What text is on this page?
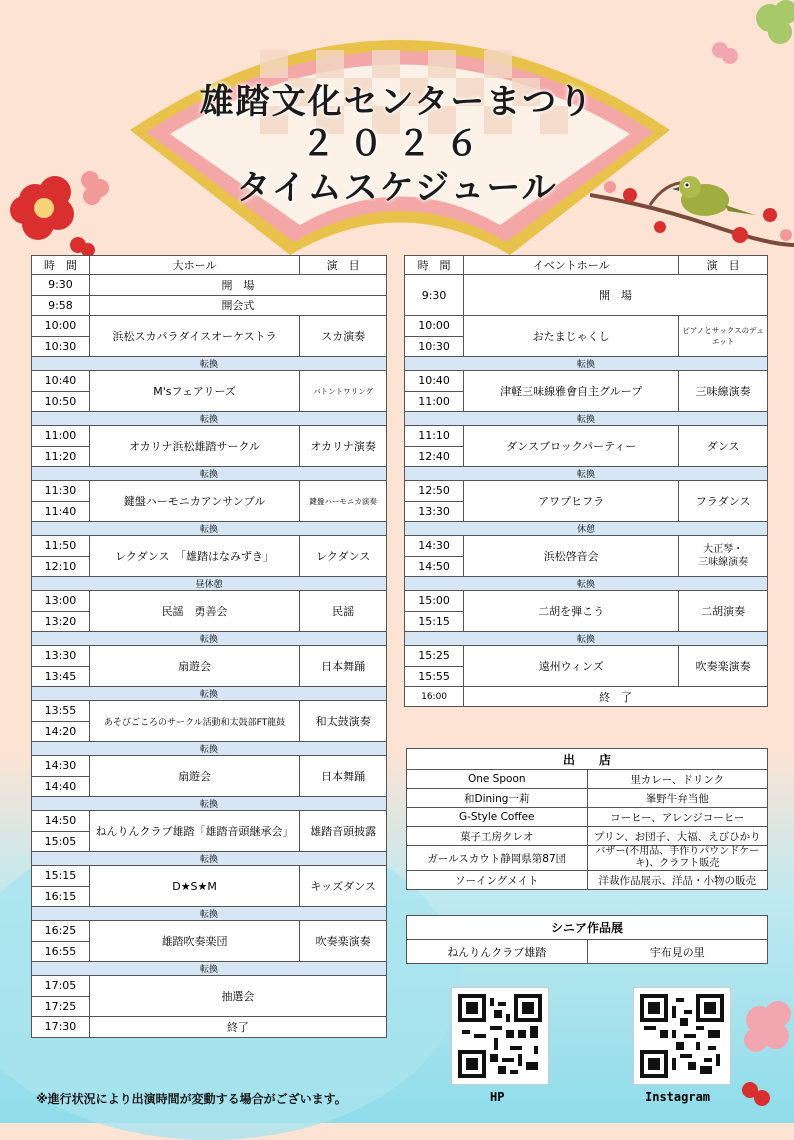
雄踏文化センターまつり
２０２６
タイムスケジュール
時　間	大ホール	演　目
9:30	開　場	
9:58	開会式	
10:00	浜松スカパラダイスオーケストラ	スカ演奏
10:30		
転換		
10:40	M'sフェアリーズ	バトントワリング
10:50		
転換		
11:00	オカリナ浜松雄踏サークル	オカリナ演奏
11:20		
転換		
11:30	鍵盤ハーモニカアンサンブル	鍵盤ハーモニカ演奏
11:40		
転換		
11:50	レクダンス　「雄踏はなみずき」	レクダンス
12:10		
昼休憩		
13:00	民謡　勇善会	民謡
13:20		
転換		
13:30	扇遊会	日本舞踊
13:45		
転換		
13:55	あそびごころのサークル活動和太鼓部FT龍鼓	和太鼓演奏
14:20		
転換		
14:30	扇遊会	日本舞踊
14:40		
転換		
14:50	ねんりんクラブ雄踏「雄踏音頭継承会」	雄踏音頭披露
15:05		
転換		
15:15	D★S★M	キッズダンス
16:15		
転換		
16:25	雄踏吹奏楽団	吹奏楽演奏
16:55		
転換		
17:05	抽選会	
17:25		
17:30	終了	
時　間	イベントホール	演　目
9:30	開　場	
10:00	おたまじゃくし	ピアノとサックスのデュエット
10:30		
転換		
10:40	津軽三味線雅會自主グループ	三味線演奏
11:00		
転換		
11:10	ダンスブロックパーティー	ダンス
12:40		
転換		
12:50	アワプヒフラ	フラダンス
13:30		
休憩		
14:30	浜松啓音会	大正琴・
三味線演奏
14:50		
転換		
15:00	二胡を弾こう	二胡演奏
15:15		
転換		
15:25	遠州ウィンズ	吹奏楽演奏
15:55		
16:00	終　了	
出　　店	
One Spoon	里カレー、ドリンク
和Dining一莉	峯野牛弁当他
G-Style Coffee	コーヒー、アレンジコーヒー
菓子工房クレオ	プリン、お団子、大福、えびひかり
ガールスカウト静岡県第87団	バザー(不用品、手作りパウンドケーキ)、クラフト販売
ソーイングメイト	洋裁作品展示、洋品・小物の販売
シニア作品展
ねんりんクラブ雄踏	宇布見の里
HP	Instagram
※進行状況により出演時間が変動する場合がございます。
